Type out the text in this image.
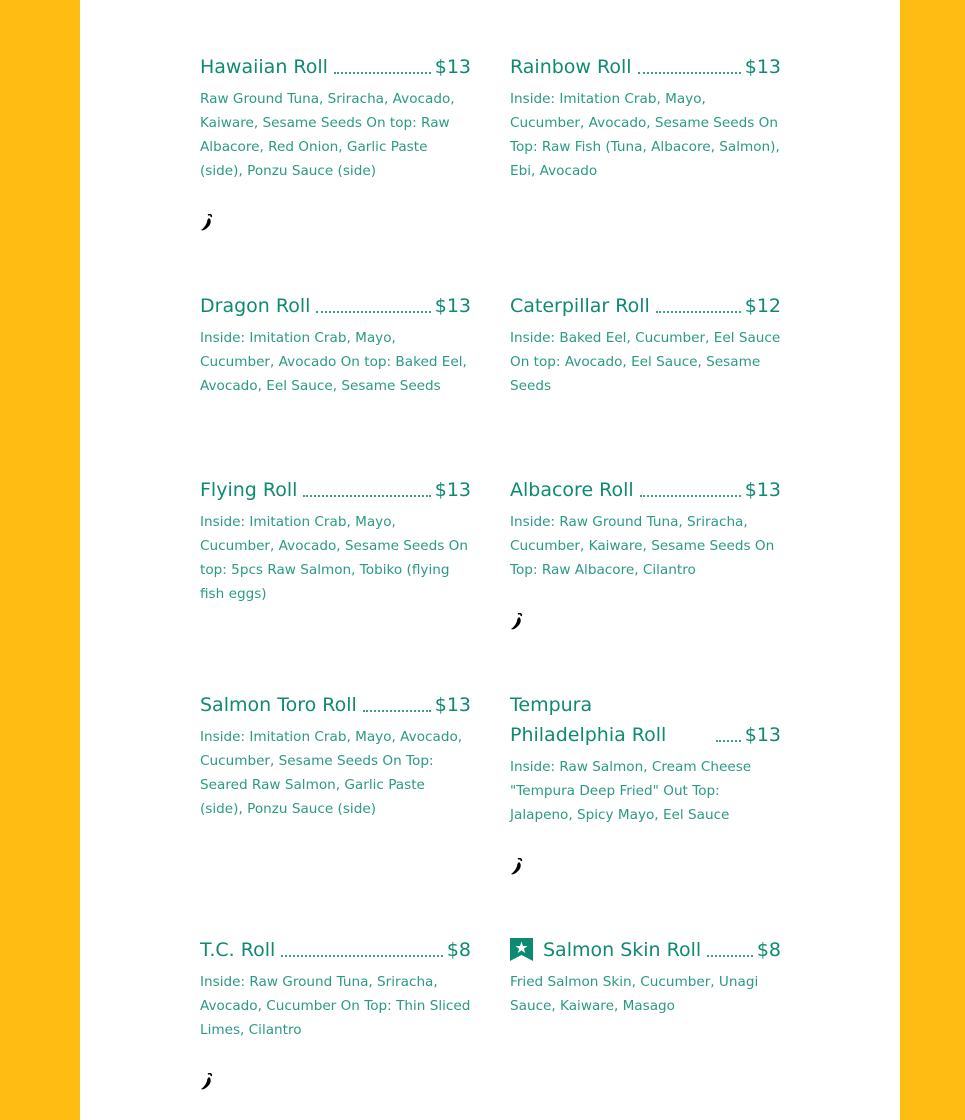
Hawaiian Roll	$13
Raw Ground Tuna, Sriracha, Avocado, Kaiware, Sesame Seeds On top: Raw Albacore, Red Onion, Garlic Paste (side), Ponzu Sauce (side)
Rainbow Roll	$13
Inside: Imitation Crab, Mayo, Cucumber, Avocado, Sesame Seeds On Top: Raw Fish (Tuna, Albacore, Salmon), Ebi, Avocado
Dragon Roll	$13
Inside: Imitation Crab, Mayo, Cucumber, Avocado On top: Baked Eel, Avocado, Eel Sauce, Sesame Seeds
Caterpillar Roll	$12
Inside: Baked Eel, Cucumber, Eel Sauce On top: Avocado, Eel Sauce, Sesame Seeds
Flying Roll	$13
Inside: Imitation Crab, Mayo, Cucumber, Avocado, Sesame Seeds On top: 5pcs Raw Salmon, Tobiko (flying fish eggs)
Albacore Roll	$13
Inside: Raw Ground Tuna, Sriracha, Cucumber, Kaiware, Sesame Seeds On Top: Raw Albacore, Cilantro
Salmon Toro Roll	$13
Inside: Imitation Crab, Mayo, Avocado, Cucumber, Sesame Seeds On Top: Seared Raw Salmon, Garlic Paste (side), Ponzu Sauce (side)
Tempura Philadelphia Roll	$13
Inside: Raw Salmon, Cream Cheese "Tempura Deep Fried" Out Top: Jalapeno, Spicy Mayo, Eel Sauce
T.C. Roll	$8
Inside: Raw Ground Tuna, Sriracha, Avocado, Cucumber On Top: Thin Sliced Limes, Cilantro
Salmon Skin Roll	$8
Fried Salmon Skin, Cucumber, Unagi Sauce, Kaiware, Masago
